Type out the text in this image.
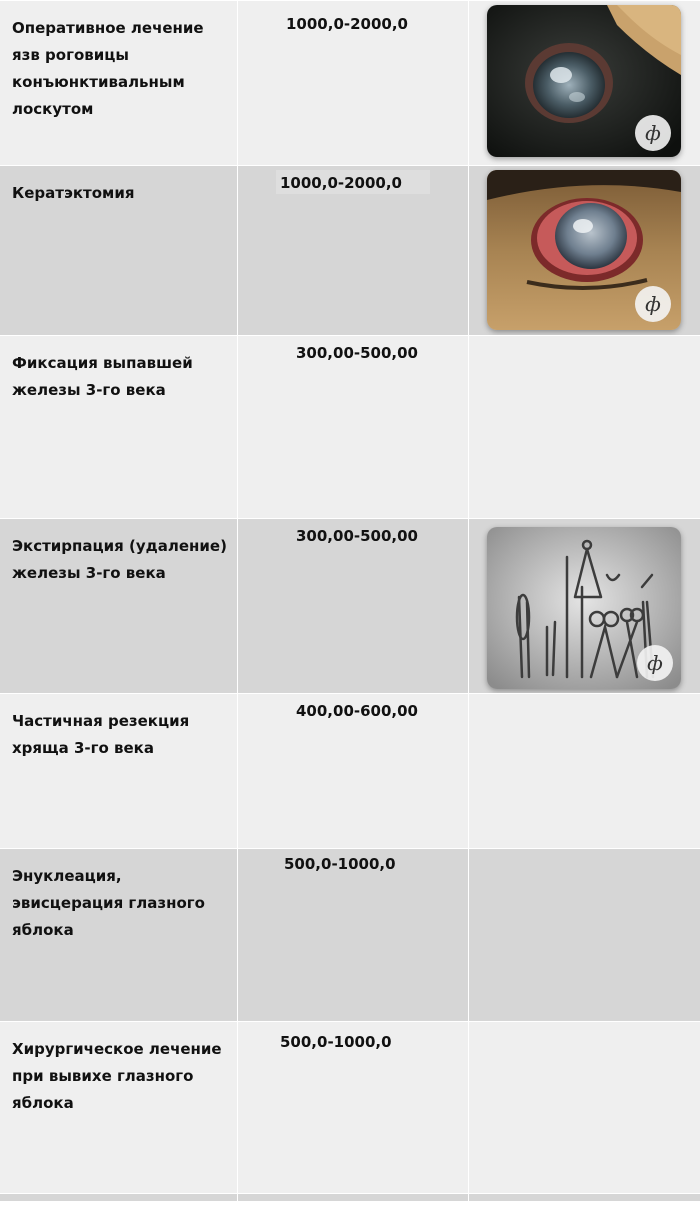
Оперативное лечение язв роговицы конъюнктивальным лоскутом
1000,0-2000,0
ф
Кератэктомия
1000,0-2000,0
ф
Фиксация выпавшей железы 3-го века
300,00-500,00
Экстирпация (удаление) железы 3-го века
300,00-500,00
ф
Частичная резекция хряща 3-го века
400,00-600,00
Энуклеация, эвисцерация глазного яблока
500,0-1000,0
Хирургическое лечение при вывихе глазного яблока
500,0-1000,0
